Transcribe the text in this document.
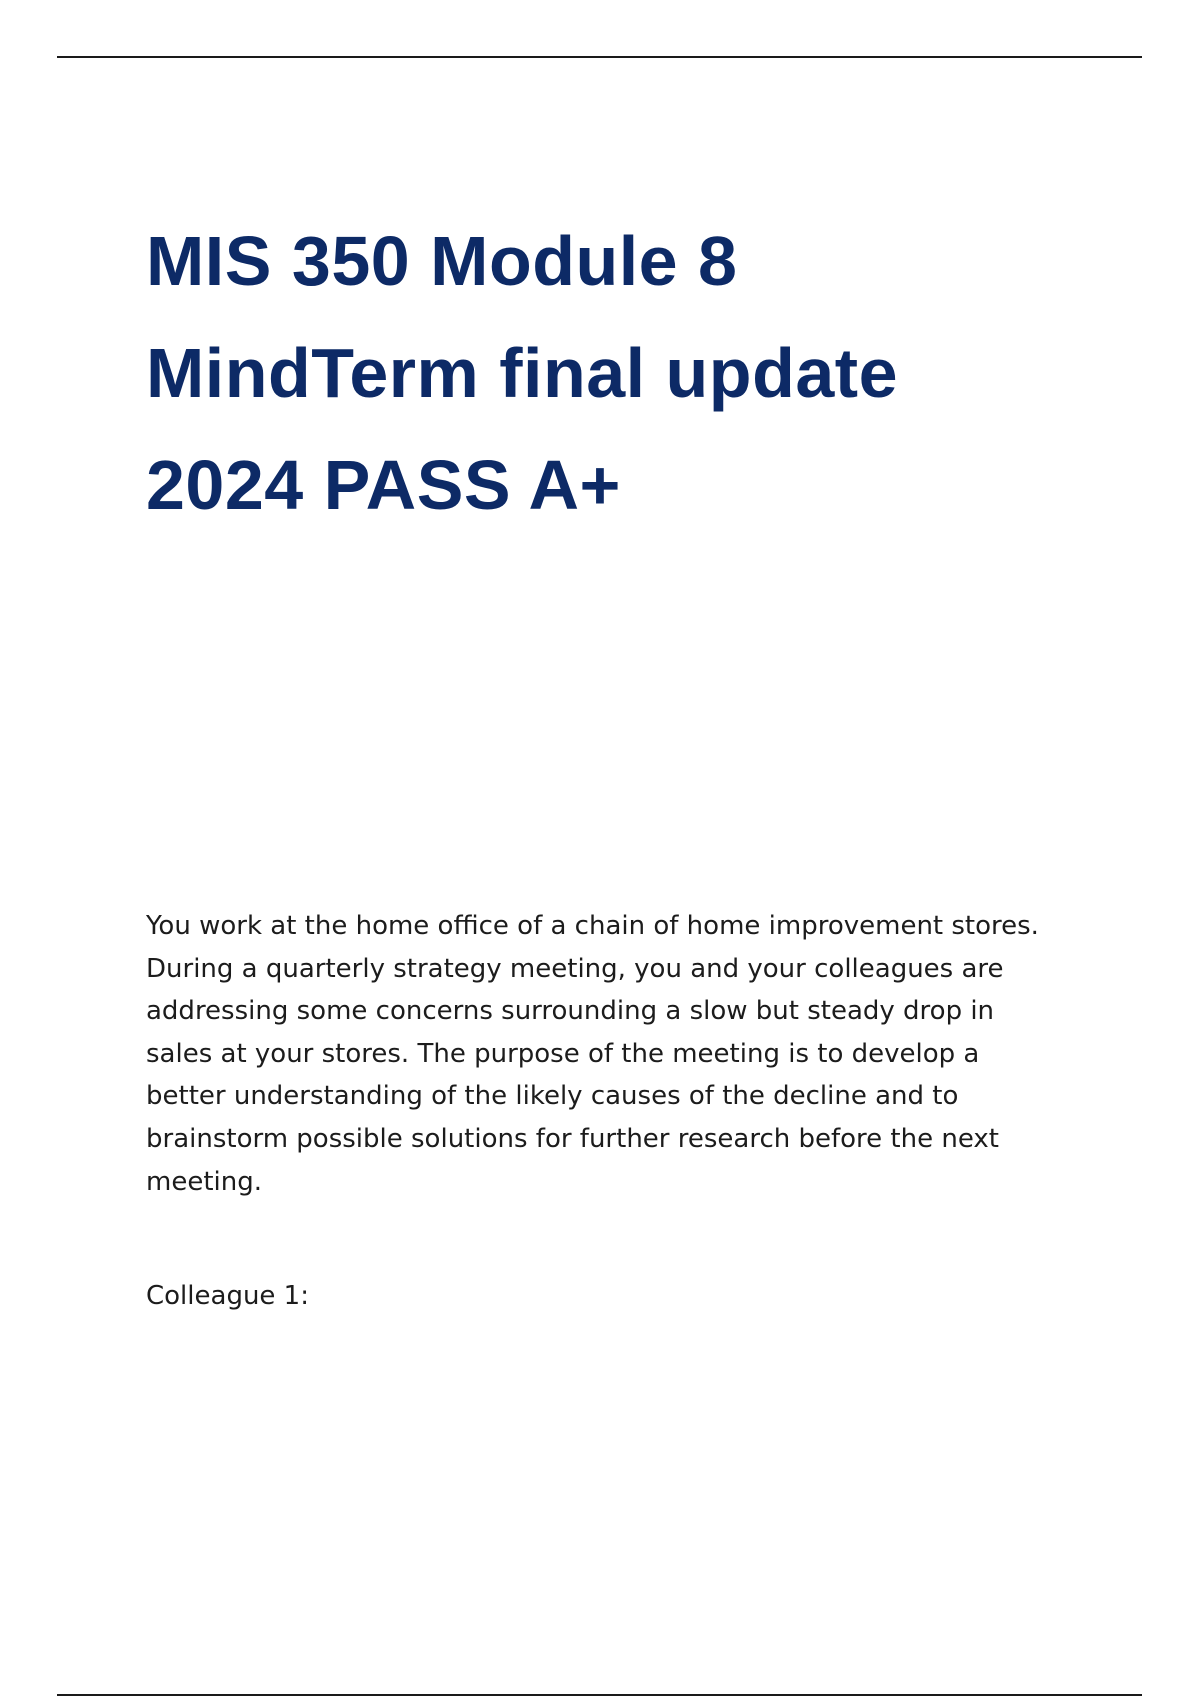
MIS 350 Module 8
MindTerm final update
2024 PASS A+

You work at the home office of a chain of home improvement stores.
During a quarterly strategy meeting, you and your colleagues are
addressing some concerns surrounding a slow but steady drop in
sales at your stores. The purpose of the meeting is to develop a
better understanding of the likely causes of the decline and to
brainstorm possible solutions for further research before the next
meeting.

Colleague 1:
